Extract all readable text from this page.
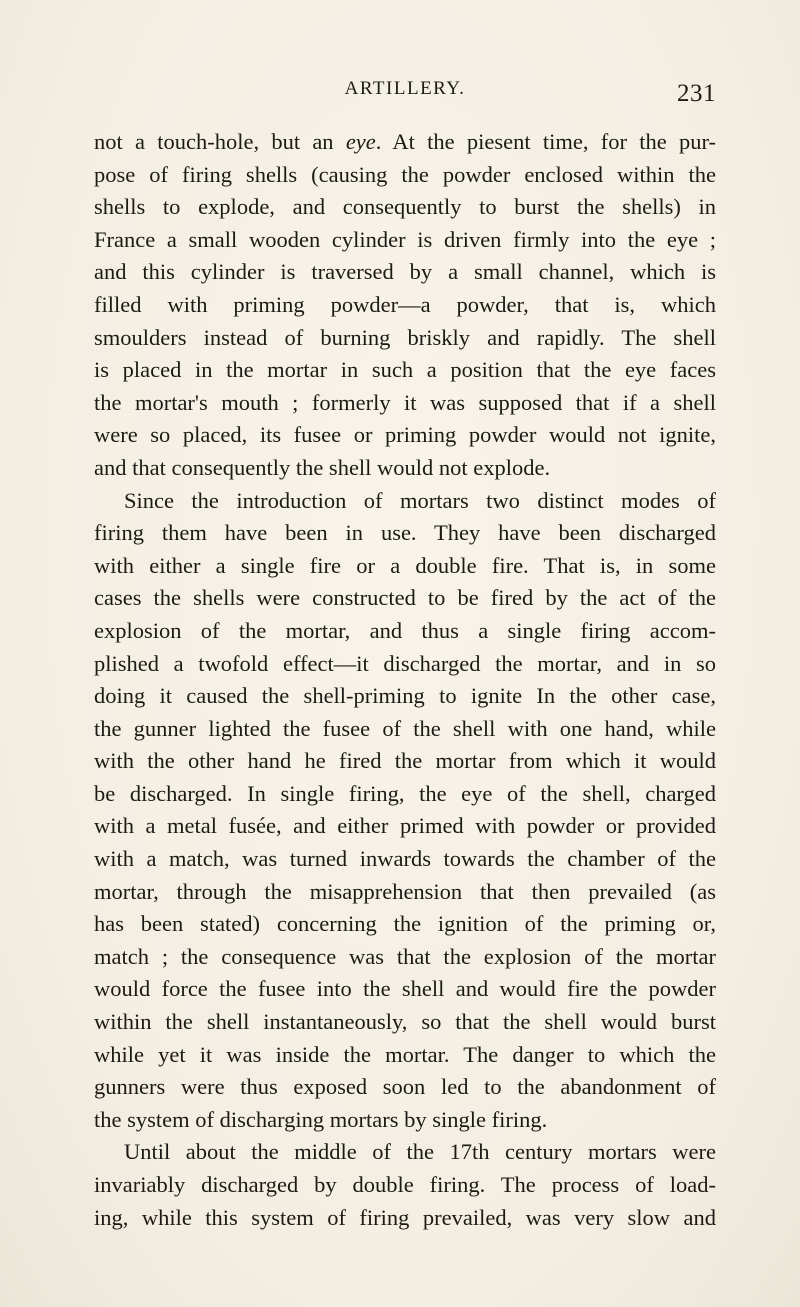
ARTILLERY.	231
not a touch-hole, but an eye. At the piesent time, for the pur-
pose of firing shells (causing the powder enclosed within the
shells to explode, and consequently to burst the shells) in
France a small wooden cylinder is driven firmly into the eye ;
and this cylinder is traversed by a small channel, which is
filled with priming powder—a powder, that is, which
smoulders instead of burning briskly and rapidly. The shell
is placed in the mortar in such a position that the eye faces
the mortar's mouth ; formerly it was supposed that if a shell
were so placed, its fusee or priming powder would not ignite,
and that consequently the shell would not explode.
Since the introduction of mortars two distinct modes of
firing them have been in use. They have been discharged
with either a single fire or a double fire. That is, in some
cases the shells were constructed to be fired by the act of the
explosion of the mortar, and thus a single firing accom-
plished a twofold effect—it discharged the mortar, and in so
doing it caused the shell-priming to ignite In the other case,
the gunner lighted the fusee of the shell with one hand, while
with the other hand he fired the mortar from which it would
be discharged. In single firing, the eye of the shell, charged
with a metal fusée, and either primed with powder or provided
with a match, was turned inwards towards the chamber of the
mortar, through the misapprehension that then prevailed (as
has been stated) concerning the ignition of the priming or,
match ; the consequence was that the explosion of the mortar
would force the fusee into the shell and would fire the powder
within the shell instantaneously, so that the shell would burst
while yet it was inside the mortar. The danger to which the
gunners were thus exposed soon led to the abandonment of
the system of discharging mortars by single firing.
Until about the middle of the 17th century mortars were
invariably discharged by double firing. The process of load-
ing, while this system of firing prevailed, was very slow and
